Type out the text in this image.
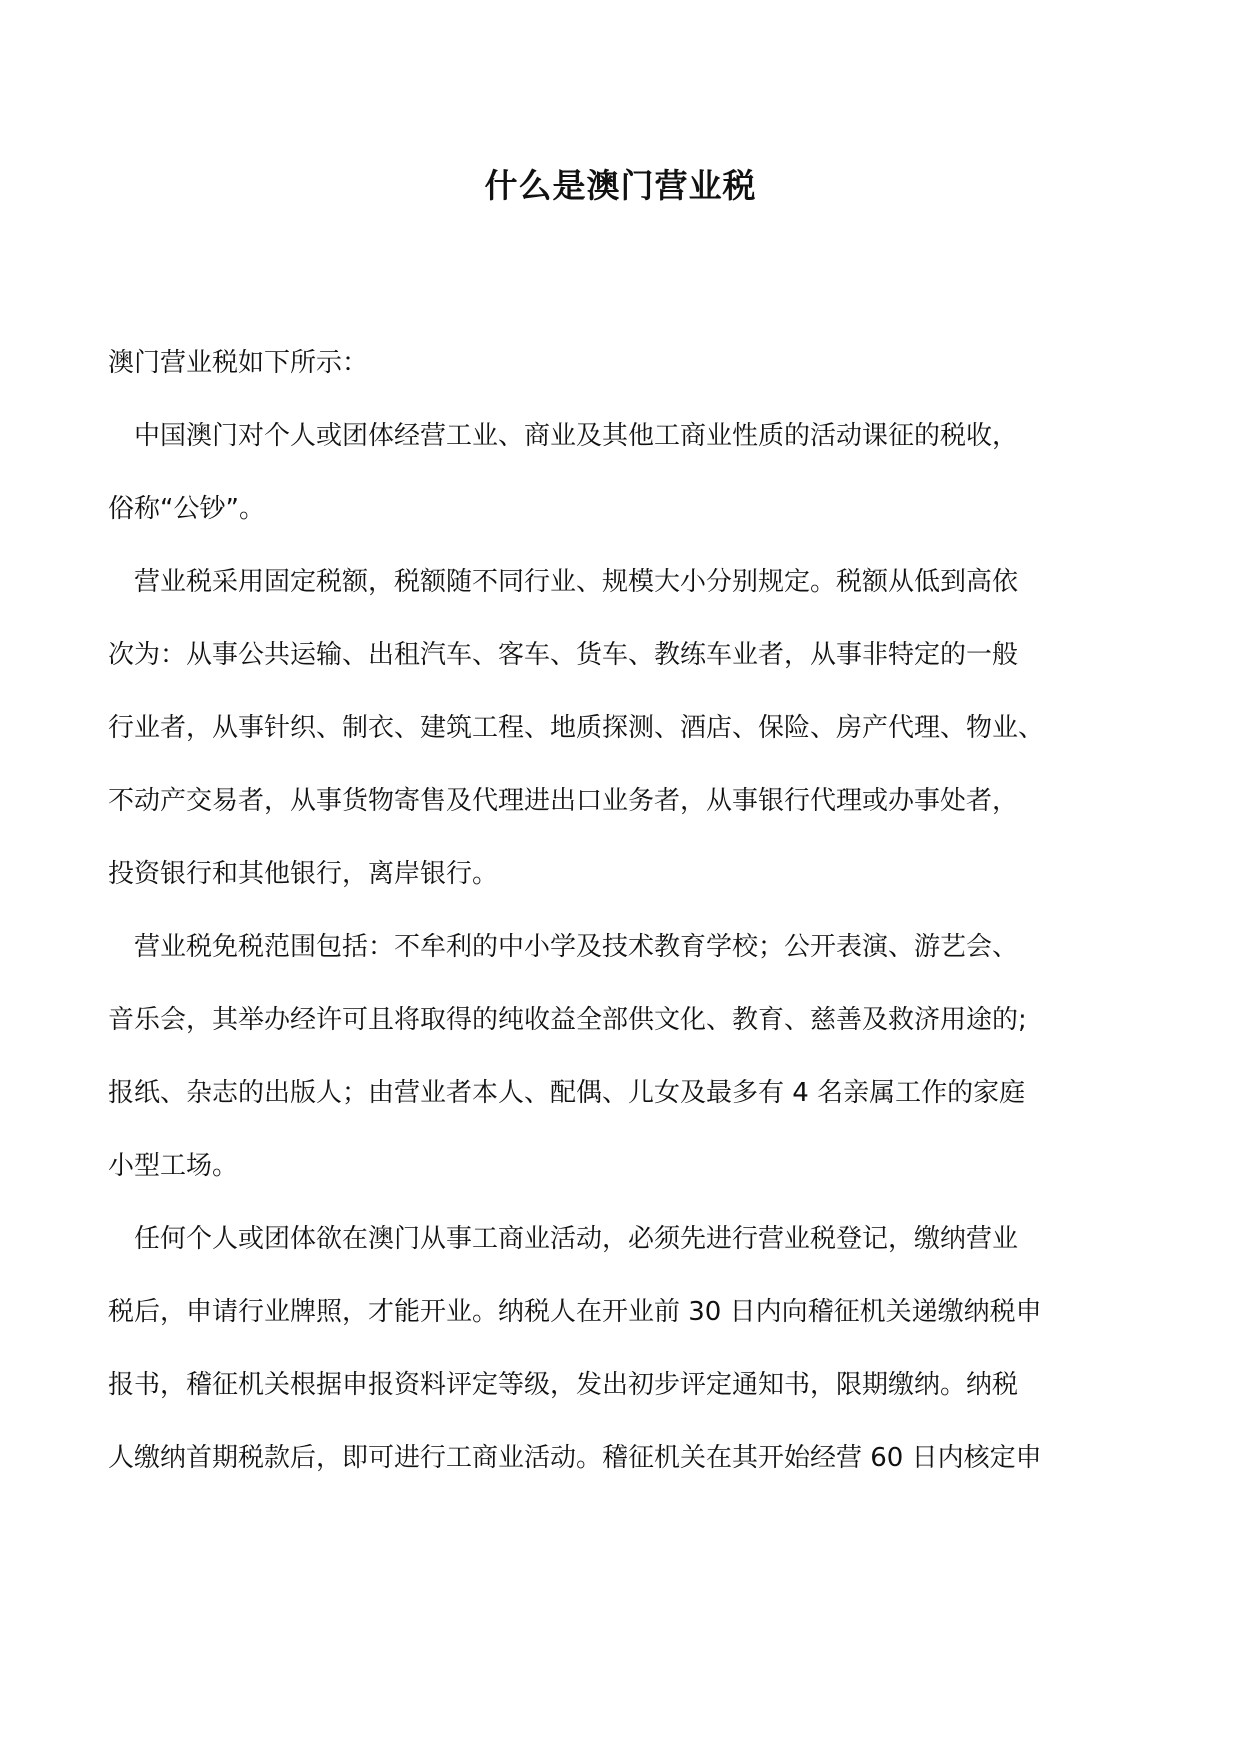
什么是澳门营业税
澳门营业税如下所示：
　中国澳门对个人或团体经营工业、商业及其他工商业性质的活动课征的税收，
俗称“公钞”。
　营业税采用固定税额，税额随不同行业、规模大小分别规定。税额从低到高依
次为：从事公共运输、出租汽车、客车、货车、教练车业者，从事非特定的一般
行业者，从事针织、制衣、建筑工程、地质探测、酒店、保险、房产代理、物业、
不动产交易者，从事货物寄售及代理进出口业务者，从事银行代理或办事处者，
投资银行和其他银行，离岸银行。
　营业税免税范围包括：不牟利的中小学及技术教育学校；公开表演、游艺会、
音乐会，其举办经许可且将取得的纯收益全部供文化、教育、慈善及救济用途的;
报纸、杂志的出版人；由营业者本人、配偶、儿女及最多有 4 名亲属工作的家庭
小型工场。
　任何个人或团体欲在澳门从事工商业活动，必须先进行营业税登记，缴纳营业
税后，申请行业牌照，才能开业。纳税人在开业前 30 日内向稽征机关递缴纳税申
报书，稽征机关根据申报资料评定等级，发出初步评定通知书，限期缴纳。纳税
人缴纳首期税款后，即可进行工商业活动。稽征机关在其开始经营 60 日内核定申
